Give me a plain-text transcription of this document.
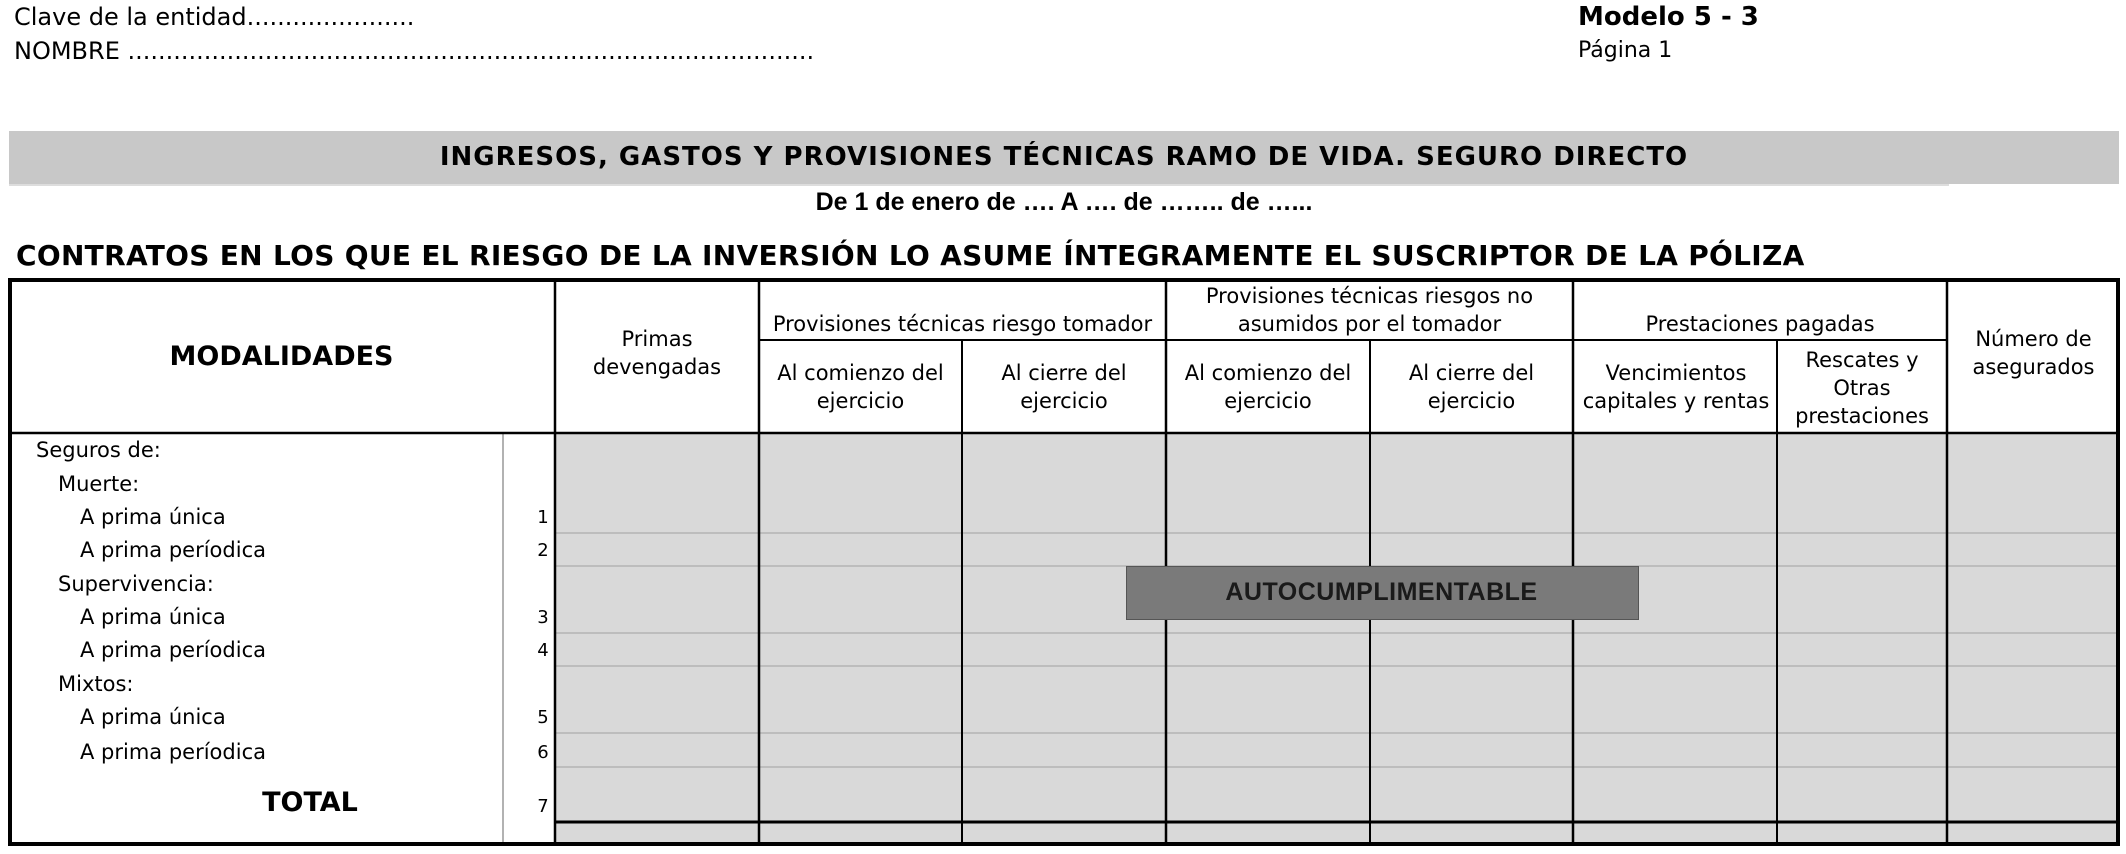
Clave de la entidad......................
NOMBRE ..........................................................................................
Modelo 5 - 3
Página 1
INGRESOS, GASTOS Y PROVISIONES TÉCNICAS RAMO DE VIDA. SEGURO DIRECTO
De 1 de enero de …. A …. de …….. de …...
CONTRATOS EN LOS QUE EL RIESGO DE LA INVERSIÓN LO ASUME ÍNTEGRAMENTE EL SUSCRIPTOR DE LA PÓLIZA
MODALIDADES
Primas devengadas
Provisiones técnicas riesgo tomador
Provisiones técnicas riesgos no asumidos por el tomador	Prestaciones pagadas
Número de asegurados
Al comienzo del ejercicio
Al cierre del ejercicio
Al comienzo del ejercicio
Al cierre del ejercicio
Vencimientos capitales y rentas
Rescates y Otras prestaciones
Seguros de:
Muerte:
A prima única
A prima períodica
Supervivencia:
A prima única
A prima períodica
Mixtos:
A prima única
A prima períodica
1
2
3
4
5
6
TOTAL	7
AUTOCUMPLIMENTABLE
